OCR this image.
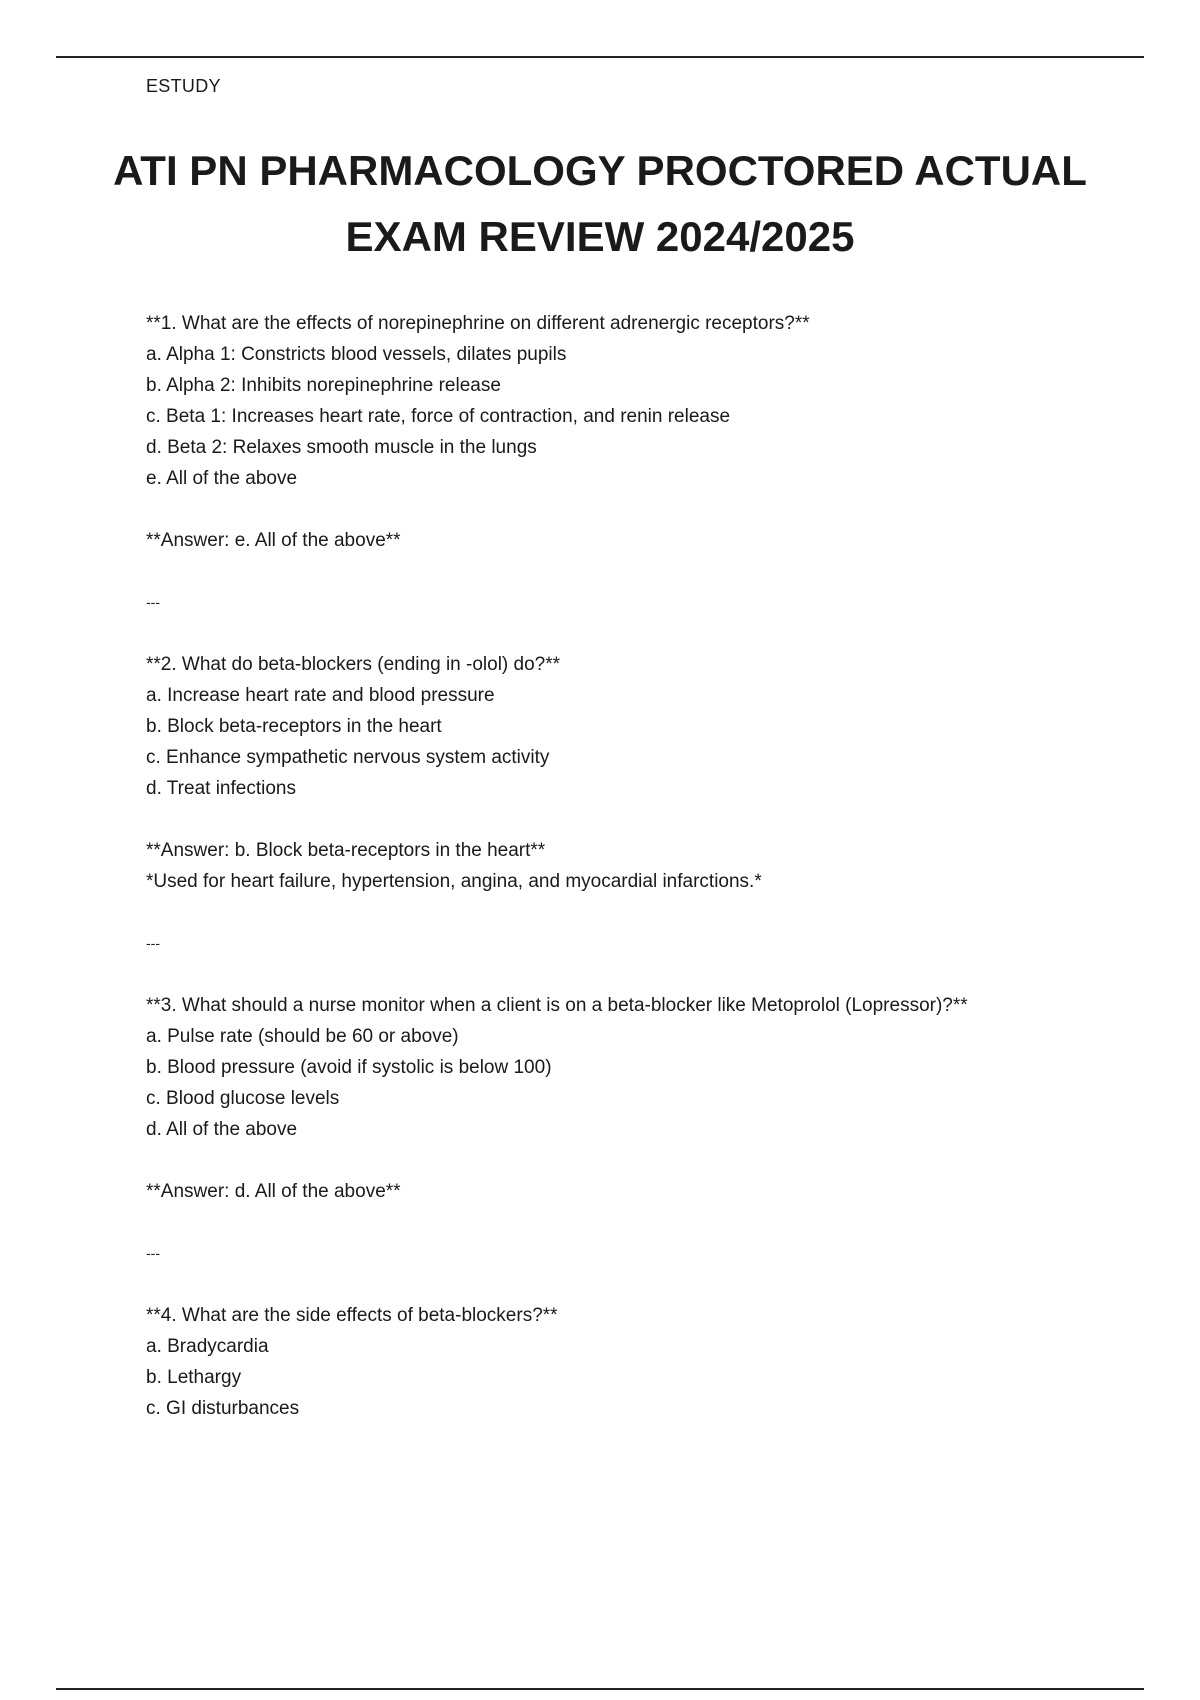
ESTUDY
ATI PN PHARMACOLOGY PROCTORED ACTUAL
EXAM REVIEW 2024/2025
**1. What are the effects of norepinephrine on different adrenergic receptors?**
a. Alpha 1: Constricts blood vessels, dilates pupils
b. Alpha 2: Inhibits norepinephrine release
c. Beta 1: Increases heart rate, force of contraction, and renin release
d. Beta 2: Relaxes smooth muscle in the lungs
e. All of the above
**Answer: e. All of the above**
---
**2. What do beta-blockers (ending in -olol) do?**
a. Increase heart rate and blood pressure
b. Block beta-receptors in the heart
c. Enhance sympathetic nervous system activity
d. Treat infections
**Answer: b. Block beta-receptors in the heart**
*Used for heart failure, hypertension, angina, and myocardial infarctions.*
---
**3. What should a nurse monitor when a client is on a beta-blocker like Metoprolol (Lopressor)?**
a. Pulse rate (should be 60 or above)
b. Blood pressure (avoid if systolic is below 100)
c. Blood glucose levels
d. All of the above
**Answer: d. All of the above**
---
**4. What are the side effects of beta-blockers?**
a. Bradycardia
b. Lethargy
c. GI disturbances
